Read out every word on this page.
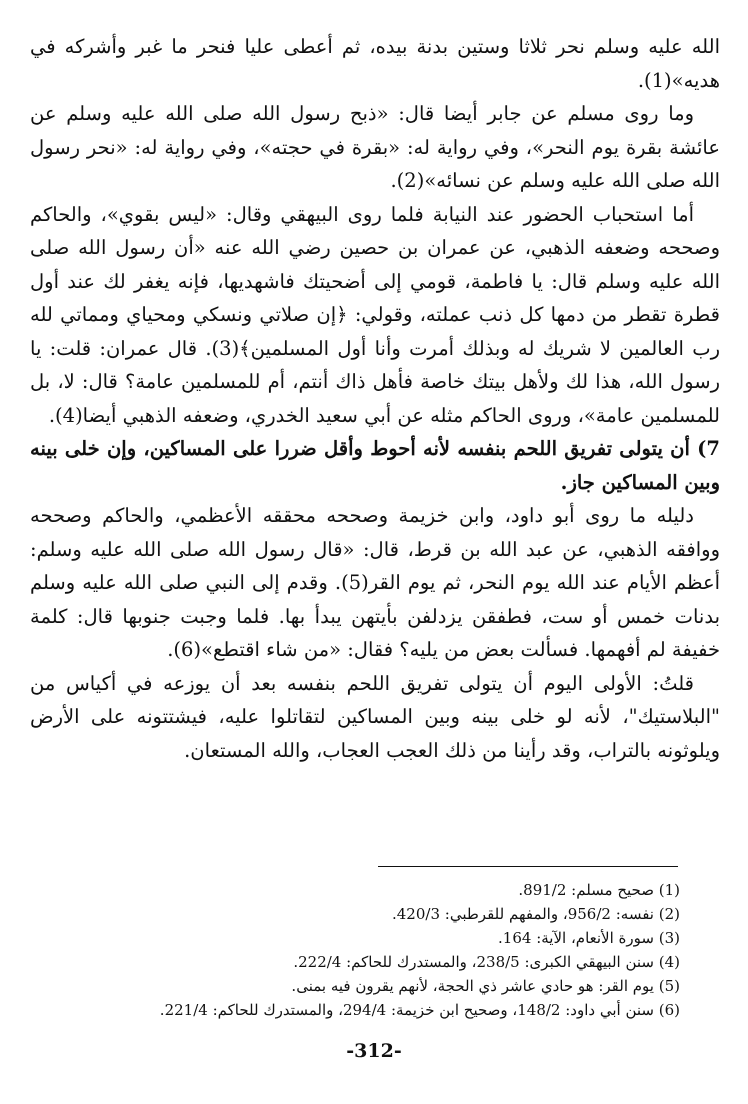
الله عليه وسلم نحر ثلاثا وستين بدنة بيده، ثم أعطى عليا فنحر ما غبر وأشركه في هديه»(1).

وما روى مسلم عن جابر أيضا قال: «ذبح رسول الله صلى الله عليه وسلم عن عائشة بقرة يوم النحر»، وفي رواية له: «بقرة في حجته»، وفي رواية له: «نحر رسول الله صلى الله عليه وسلم عن نسائه»(2).

أما استحباب الحضور عند النيابة فلما روى البيهقي وقال: «ليس بقوي»، والحاكم وصححه وضعفه الذهبي، عن عمران بن حصين رضي الله عنه «أن رسول الله صلى الله عليه وسلم قال: يا فاطمة، قومي إلى أضحيتك فاشهديها، فإنه يغفر لك عند أول قطرة تقطر من دمها كل ذنب عملته، وقولي: ﴿إن صلاتي ونسكي ومحياي ومماتي لله رب العالمين لا شريك له وبذلك أمرت وأنا أول المسلمين﴾(3). قال عمران: قلت: يا رسول الله، هذا لك ولأهل بيتك خاصة فأهل ذاك أنتم، أم للمسلمين عامة؟ قال: لا، بل للمسلمين عامة»، وروى الحاكم مثله عن أبي سعيد الخدري، وضعفه الذهبي أيضا(4).

7) أن يتولى تفريق اللحم بنفسه لأنه أحوط وأقل ضررا على المساكين، وإن خلى بينه وبين المساكين جاز.

دليله ما روى أبو داود، وابن خزيمة وصححه محققه الأعظمي، والحاكم وصححه ووافقه الذهبي، عن عبد الله بن قرط، قال: «قال رسول الله صلى الله عليه وسلم: أعظم الأيام عند الله يوم النحر، ثم يوم القر(5). وقدم إلى النبي صلى الله عليه وسلم بدنات خمس أو ست، فطفقن يزدلفن بأيتهن يبدأ بها. فلما وجبت جنوبها قال: كلمة خفيفة لم أفهمها. فسألت بعض من يليه؟ فقال: «من شاء اقتطع»(6).

قلتُ: الأولى اليوم أن يتولى تفريق اللحم بنفسه بعد أن يوزعه في أكياس من "البلاستيك"، لأنه لو خلى بينه وبين المساكين لتقاتلوا عليه، فيشتتونه على الأرض ويلوثونه بالتراب، وقد رأينا من ذلك العجب العجاب، والله المستعان.

(1) صحيح مسلم: 891/2.
(2) نفسه: 956/2، والمفهم للقرطبي: 420/3.
(3) سورة الأنعام، الآية: 164.
(4) سنن البيهقي الكبرى: 238/5، والمستدرك للحاكم: 222/4.
(5) يوم القر: هو حادي عاشر ذي الحجة، لأنهم يقرون فيه بمنى.
(6) سنن أبي داود: 148/2، وصحيح ابن خزيمة: 294/4، والمستدرك للحاكم: 221/4.
-312-
